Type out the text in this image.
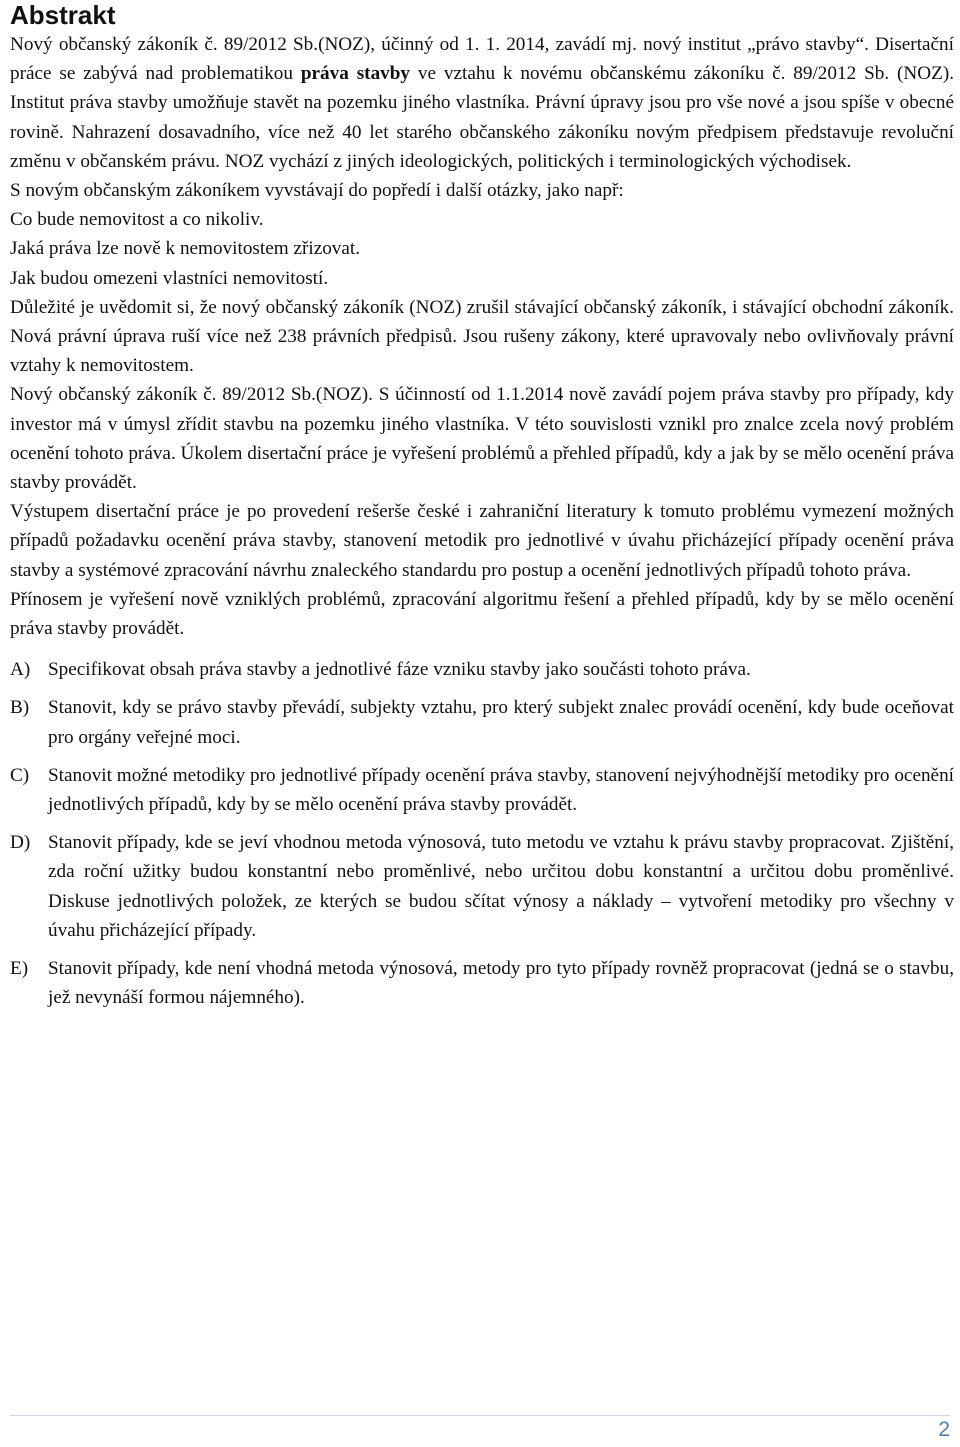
Abstrakt

Nový občanský zákoník č. 89/2012 Sb.(NOZ), účinný od 1. 1. 2014, zavádí mj. nový institut „právo stavby“. Disertační práce se zabývá nad problematikou práva stavby ve vztahu k novému občanskému zákoníku č. 89/2012 Sb. (NOZ). Institut práva stavby umožňuje stavět na pozemku jiného vlastníka. Právní úpravy jsou pro vše nové a jsou spíše v obecné rovině. Nahrazení dosavadního, více než 40 let starého občanského zákoníku novým předpisem představuje revoluční změnu v občanském právu. NOZ vychází z jiných ideologických, politických i terminologických východisek.

S novým občanským zákoníkem vyvstávají do popředí i další otázky, jako např:
Co bude nemovitost a co nikoliv.
Jaká práva lze nově k nemovitostem zřizovat.
Jak budou omezeni vlastníci nemovitostí.

Důležité je uvědomit si, že nový občanský zákoník (NOZ) zrušil stávající občanský zákoník, i stávající obchodní zákoník. Nová právní úprava ruší více než 238 právních předpisů. Jsou rušeny zákony, které upravovaly nebo ovlivňovaly právní vztahy k nemovitostem.

Nový občanský zákoník č. 89/2012 Sb.(NOZ). S účinností od 1.1.2014 nově zavádí pojem práva stavby pro případy, kdy investor má v úmysl zřídit stavbu na pozemku jiného vlastníka. V této souvislosti vznikl pro znalce zcela nový problém ocenění tohoto práva. Úkolem disertační práce je vyřešení problémů a přehled případů, kdy a jak by se mělo ocenění práva stavby provádět.

Výstupem disertační práce je po provedení rešerše české i zahraniční literatury k tomuto problému vymezení možných případů požadavku ocenění práva stavby, stanovení metodik pro jednotlivé v úvahu přicházející případy ocenění práva stavby a systémové zpracování návrhu znaleckého standardu pro postup a ocenění jednotlivých případů tohoto práva.
Přínosem je vyřešení nově vzniklých problémů, zpracování algoritmu řešení a přehled případů, kdy by se mělo ocenění práva stavby provádět.

A) Specifikovat obsah práva stavby a jednotlivé fáze vzniku stavby jako součásti tohoto práva.
B) Stanovit, kdy se právo stavby převádí, subjekty vztahu, pro který subjekt znalec provádí ocenění, kdy bude oceňovat pro orgány veřejné moci.
C) Stanovit možné metodiky pro jednotlivé případy ocenění práva stavby, stanovení nejvýhodnější metodiky pro ocenění jednotlivých případů, kdy by se mělo ocenění práva stavby provádět.
D) Stanovit případy, kde se jeví vhodnou metoda výnosová, tuto metodu ve vztahu k právu stavby propracovat. Zjištění, zda roční užitky budou konstantní nebo proměnlivé, nebo určitou dobu konstantní a určitou dobu proměnlivé. Diskuse jednotlivých položek, ze kterých se budou sčítat výnosy a náklady – vytvoření metodiky pro všechny v úvahu přicházející případy.
E)	Stanovit případy, kde není vhodná metoda výnosová, metody pro tyto případy rovněž propracovat (jedná se o stavbu, jež nevynáší formou nájemného).
2
